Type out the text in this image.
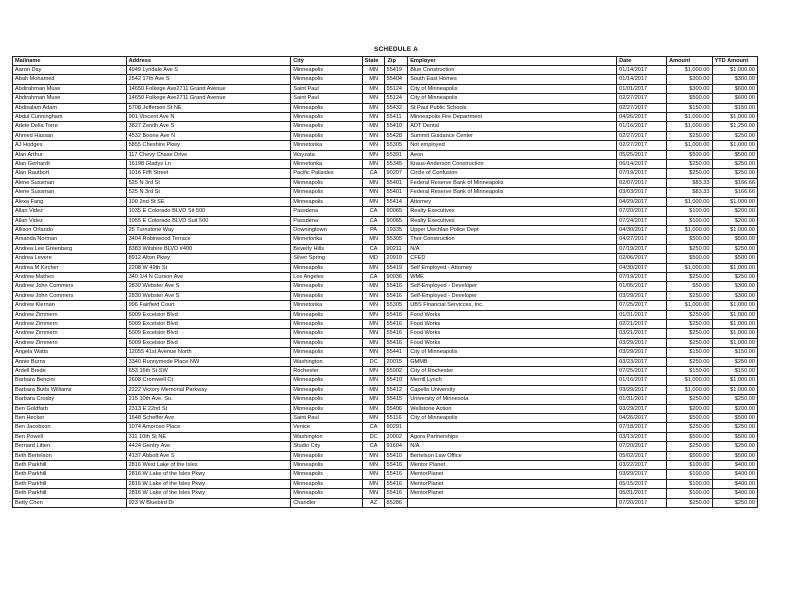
SCHEDULE A
Mailname	Address	City	State	Zip	Employer	Date	Amount	YTD Amount
Aaron Day	4949 Lyndale Ave S	Minneapolis	MN	55419	Blue Construction	01/14/2017	$1,000.00	$1,000.00
Abah Mohamed	2542 17th Ave S	Minneapolis	MN	55404	South East Homes	01/14/2017	$300.00	$300.00
Abdirahman Muse	14650 Folkege Ave2711 Grand Avenue	Saint Paul	MN	55124	City of Minneapolis	01/01/2017	$300.00	$600.00
Abdirahman Muse	14650 Folkege Ave2711 Grand Avenue	Saint Paul	MN	55124	City of Minneapolis	02/27/2017	$500.00	$600.00
Abdisalam Adam	5708 Jefferson St NE	Minneapolis	MN	55432	St Paul Public Schools	02/27/2017	$150.00	$150.00
Abdul Cunningham	901 Vincent Ave N	Minneapolis	MN	55411	Minneapolis Fire Department	04/26/2017	$1,000.00	$1,000.00
Adele Della Torre	3827 Zenith Ave S	Minneapolis	MN	55410	ADT Dental	01/16/2017	$1,000.00	$1,250.00
Ahmed Hassan	4532 Boone Ave N	Minneapolis	MN	55428	Summit Guidance Center	02/27/2017	$250.00	$250.00
AJ Hodges	5855 Cheshire Pkwy	Minnetonka	MN	55305	Not employed	02/27/2017	$1,000.00	$1,000.00
Alan Arthur	117 Chevy Chase Drive	Wayzata	MN	55391	Aeon	05/25/2017	$500.00	$500.00
Alan Gerhardt	16198 Gladys Ln	Minnetonka	MN	55345	Kraus-Anderson Construction	06/14/2017	$250.00	$250.00
Alan Rautbort	1016 Fifft Street	Pacific Palisides	CA	90207	Circle of Confusion	07/19/2017	$250.00	$250.00
Alene Sussman	525 N 3rd St	Minneapolis	MN	55401	Federal Reserve Bank of Minneapolis	02/07/2017	$83.33	$166.66
Alene Sussman	525 N 3rd St	Minneapolis	MN	55401	Federal Reserve Bank of Minneapolis	03/03/2017	$83.33	$166.66
Alexa Fang	100 2nd St SE	Minneapolis	MN	55414	Attorney	04/29/2017	$1,000.00	$1,000.00
Allan Videz	1035 E Colorado BLVD Sit 500	Passdena	CA	90065	Realty Executives	07/20/2017	$100.00	$200.00
Allan Videz	1055 E Colorado BLVD Suit 500	Passdena	CA	90065	Realty Executives	07/24/2017	$100.00	$200.00
Allison Orlando	25 Turnstone Way	Downingtown	PA	19335	Upper Uwchlan Police Dept	04/30/2017	$1,000.00	$1,000.00
Amanda Norman	3404 Robinwood Terrace	Minnetonka	MN	55305	Thor Construction	04/27/2017	$500.00	$500.00
Andrea Lee Greenberg	8383 Wilshire BLVD #400	Beverly Hills	CA	90211	N/A	07/19/2017	$250.00	$250.00
Andrea Levere	8912 Alton Pkwy	Silver Spring	MD	20910	CFED	02/06/2017	$500.00	$500.00
Andrea M Kircher	2208 W 49th St	Minneapolis	MN	55419	Self Employed - Attorney	04/30/2017	$1,000.00	$1,000.00
Andrew Mathes	340 1/4 N Curson Ave	Los Angeles	CA	90036	WME	07/19/2017	$250.00	$250.00
Andrew John Commers	2830 Webster Ave S	Minneapolis	MN	55416	Self-Employed - Developer	01/05/2017	$50.00	$300.00
Andrew John Commers	2830 Webster Ave S	Minneapolis	MN	55416	Self-Employed - Developer	03/29/2017	$250.00	$300.00
Andrew Kiernan	996 Fairfield Court	Minnetonka	MN	55305	UBS Financial Servicces, Inc.	07/25/2017	$1,000.00	$1,000.00
Andrew Zimmern	5009 Excelsior Blvd	Minneapolis	MN	55416	Food Works	01/31/2017	$250.00	$1,000.00
Andrew Zimmern	5009 Excelsior Blvd	Minneapolis	MN	55416	Food Works	02/21/2017	$250.00	$1,000.00
Andrew Zimmern	5009 Excelsior Blvd	Minneapolis	MN	55416	Food Works	03/21/2017	$250.00	$1,000.00
Andrew Zimmern	5009 Excelsior Blvd	Minneapolis	MN	55416	Food Works	03/29/2017	$250.00	$1,000.00
Angela Watts	12055 41st Avenue North	Minneapolis	MN	55441	City of Minneapolis	03/29/2017	$150.00	$150.00
Annie Burns	3340 Runnymede Place NW	Washington	DC	20015	GMMB	03/23/2017	$250.00	$250.00
Ardell Brede	653 16th St SW	Rochester	MN	55902	City of Rochester	07/25/2017	$150.00	$150.00
Barbara Bencini	2608 Cromwell Ct	Minneapolis	MN	55410	Merrill Lynch	01/16/2017	$1,000.00	$1,000.00
Barbara Butts Williams	2222 Victory Memorial Parkway	Minneapolis	MN	55412	Capella University	03/29/2017	$1,000.00	$1,000.00
Barbara Crosby	215 10th Ave. So.	Minneapolis	MN	55415	University of Minnesota	01/31/2017	$250.00	$250.00
Ben Goldfarb	2313 E 22nd St	Minneapolis	MN	55406	Wellstone Action	03/29/2017	$200.00	$200.00
Ben Hecker	1648 Scheffer Ave	Saint Paul	MN	55116	City of Minneapolis	04/26/2017	$500.00	$500.00
Ben Jacobson	1074 Amoroso Place	Venice	CA	90291		07/18/2017	$250.00	$250.00
Ben Powell	311 10th St NE	Washington	DC	20002	Agora Partnerships	03/13/2017	$500.00	$500.00
Bernard Litten	4424 Gentry Ave	Studio City	CA	91604	N/A	07/20/2017	$250.00	$250.00
Beth Bertelson	4137 Abbott Ave S	Minneapolis	MN	55410	Bertelson Law Office	05/02/2017	$500.00	$500.00
Beth Parkhill	2816 West Lake of the Isles	Minneapolis	MN	55416	Mentor Planet	03/22/2017	$100.00	$400.00
Beth Parkhill	2816 W Lake of the Isles Pkwy	Minneapolis	MN	55416	MentorPlanet	03/29/2017	$100.00	$400.00
Beth Parkhill	2816 W Lake of the Isles Pkwy	Minneapolis	MN	55416	MentorPlanet	05/15/2017	$100.00	$400.00
Beth Parkhill	2816 W Lake of the Isles Pkwy	Minneapolis	MN	55416	MentorPlanet	05/31/2017	$100.00	$400.00
Betty Chen	923 W Bluebird Dr	Chandler	AZ	85286		07/20/2017	$250.00	$250.00
